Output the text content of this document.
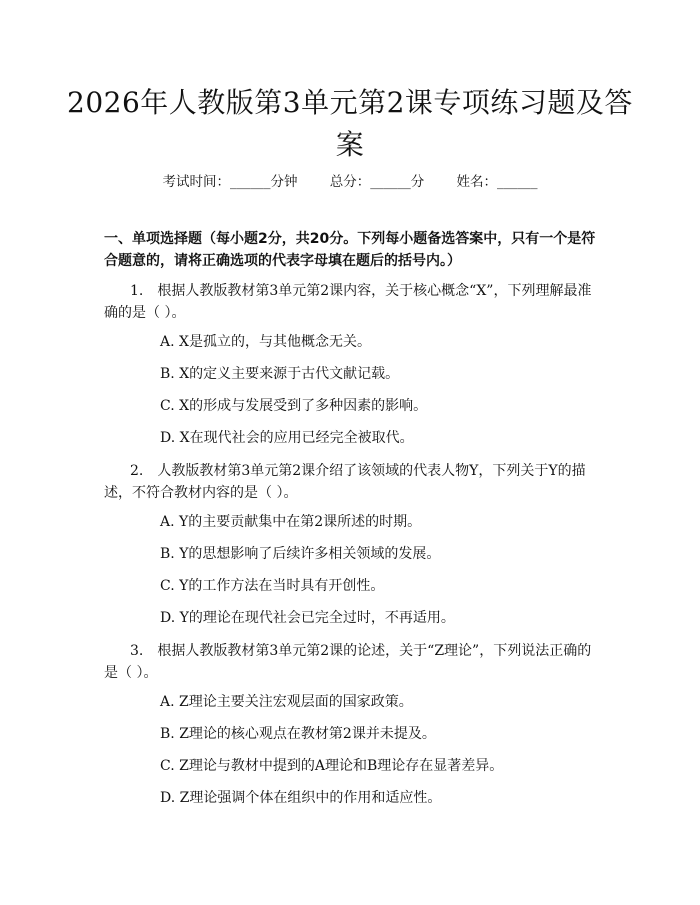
2026年人教版第3单元第2课专项练习题及答案
考试时间：______分钟 总分：______分 姓名：______
一、单项选择题（每小题2分，共20分。下列每小题备选答案中，只有一个是符合题意的，请将正确选项的代表字母填在题后的括号内。）
1.　根据人教版教材第3单元第2课内容，关于核心概念“X”，下列理解最准确的是（ ）。
A. X是孤立的，与其他概念无关。
B. X的定义主要来源于古代文献记载。
C. X的形成与发展受到了多种因素的影响。
D. X在现代社会的应用已经完全被取代。
2.　人教版教材第3单元第2课介绍了该领域的代表人物Y，下列关于Y的描述，不符合教材内容的是（ ）。
A. Y的主要贡献集中在第2课所述的时期。
B. Y的思想影响了后续许多相关领域的发展。
C. Y的工作方法在当时具有开创性。
D. Y的理论在现代社会已完全过时，不再适用。
3.　根据人教版教材第3单元第2课的论述，关于“Z理论”，下列说法正确的是（ ）。
A. Z理论主要关注宏观层面的国家政策。
B. Z理论的核心观点在教材第2课并未提及。
C. Z理论与教材中提到的A理论和B理论存在显著差异。
D. Z理论强调个体在组织中的作用和适应性。
